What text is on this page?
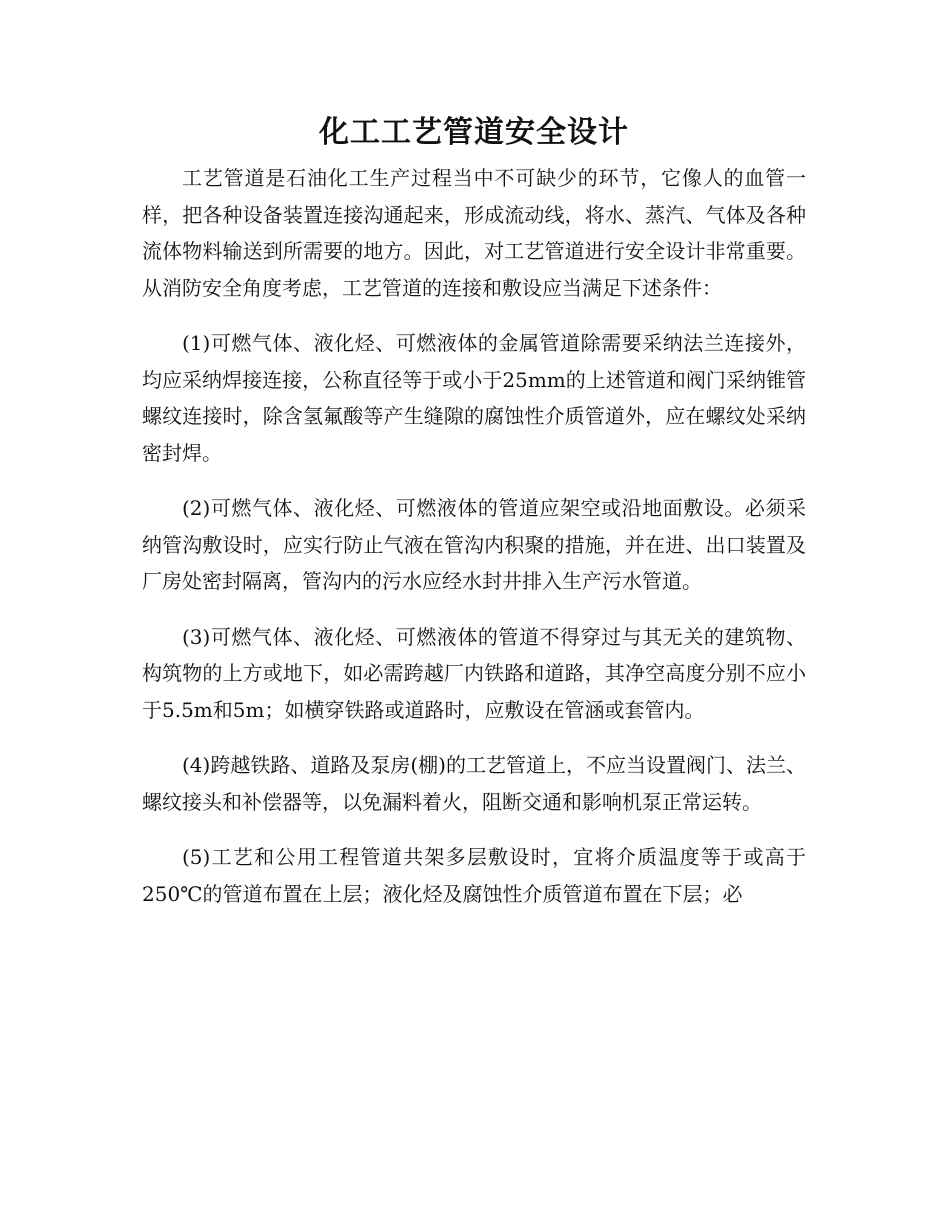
化工工艺管道安全设计

工艺管道是石油化工生产过程当中不可缺少的环节，它像人的血管一样，把各种设备装置连接沟通起来，形成流动线，将水、蒸汽、气体及各种流体物料输送到所需要的地方。因此，对工艺管道进行安全设计非常重要。从消防安全角度考虑，工艺管道的连接和敷设应当满足下述条件：

(1)可燃气体、液化烃、可燃液体的金属管道除需要采纳法兰连接外，均应采纳焊接连接，公称直径等于或小于25mm的上述管道和阀门采纳锥管螺纹连接时，除含氢氟酸等产生缝隙的腐蚀性介质管道外，应在螺纹处采纳密封焊。

(2)可燃气体、液化烃、可燃液体的管道应架空或沿地面敷设。必须采纳管沟敷设时，应实行防止气液在管沟内积聚的措施，并在进、出口装置及厂房处密封隔离，管沟内的污水应经水封井排入生产污水管道。

(3)可燃气体、液化烃、可燃液体的管道不得穿过与其无关的建筑物、构筑物的上方或地下，如必需跨越厂内铁路和道路，其净空高度分别不应小于5.5m和5m；如横穿铁路或道路时，应敷设在管涵或套管内。

(4)跨越铁路、道路及泵房(棚)的工艺管道上，不应当设置阀门、法兰、螺纹接头和补偿器等，以免漏料着火，阻断交通和影响机泵正常运转。

(5)工艺和公用工程管道共架多层敷设时，宜将介质温度等于或高于250℃的管道布置在上层；液化烃及腐蚀性介质管道布置在下层；必
